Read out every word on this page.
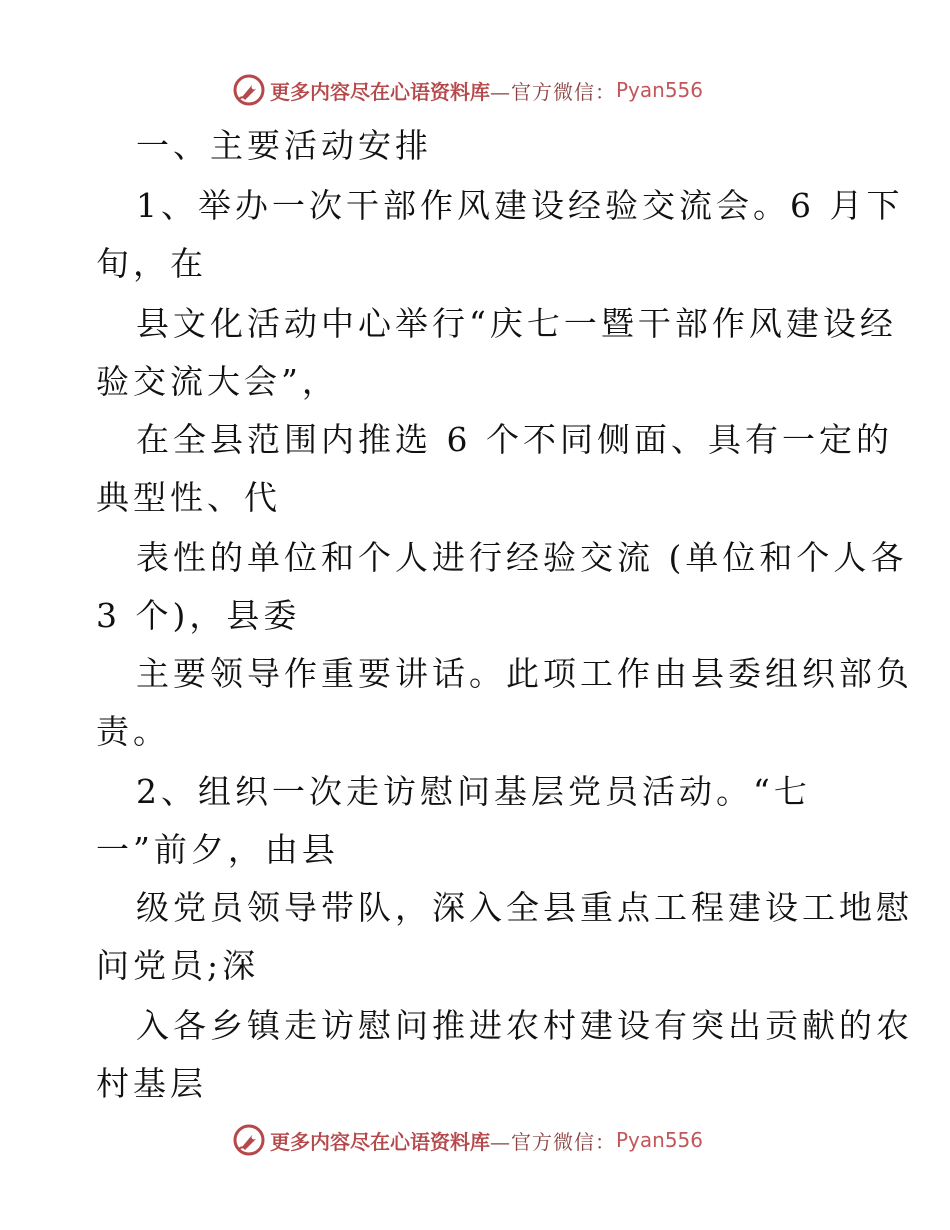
更多内容尽在心语资料库 —官方微信： Pyan556
一、主要活动安排
1、举办一次干部作风建设经验交流会。6 月下
旬，在
县文化活动中心举行“庆七一暨干部作风建设经
验交流大会”，
在全县范围内推选 6 个不同侧面、具有一定的
典型性、代
表性的单位和个人进行经验交流 (单位和个人各
3 个)，县委
主要领导作重要讲话。此项工作由县委组织部负
责。
2、组织一次走访慰问基层党员活动。“七
一”前夕，由县
级党员领导带队，深入全县重点工程建设工地慰
问党员;深
入各乡镇走访慰问推进农村建设有突出贡献的农
村基层
更多内容尽在心语资料库 —官方微信： Pyan556
